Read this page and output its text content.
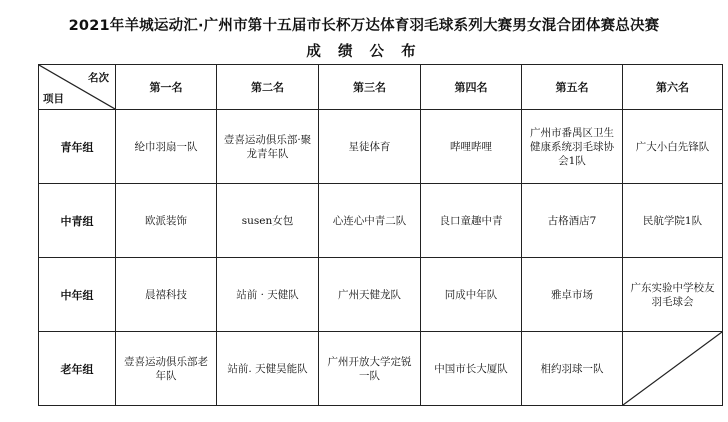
2021年羊城运动汇·广州市第十五届市长杯万达体育羽毛球系列大赛男女混合团体赛总决赛
成 绩 公 布
名次
项目	第一名	第二名	第三名	第四名	第五名	第六名
青年组	纶巾羽扇一队	壹喜运动俱乐部·聚龙青年队	星徒体育	哔哩哔哩	广州市番禺区卫生健康系统羽毛球协会1队	广大小白先锋队
中青组	欧派装饰	susen女包	心连心中青二队	良口童趣中青	古格酒店7	民航学院1队
中年组	晨禧科技	站前 · 天健队	广州天健龙队	同成中年队	雅卓市场	广东实验中学校友羽毛球会
老年组	壹喜运动俱乐部老年队	站前. 天健昊能队	广州开放大学定锐一队	中国市长大厦队	相约羽球一队	
